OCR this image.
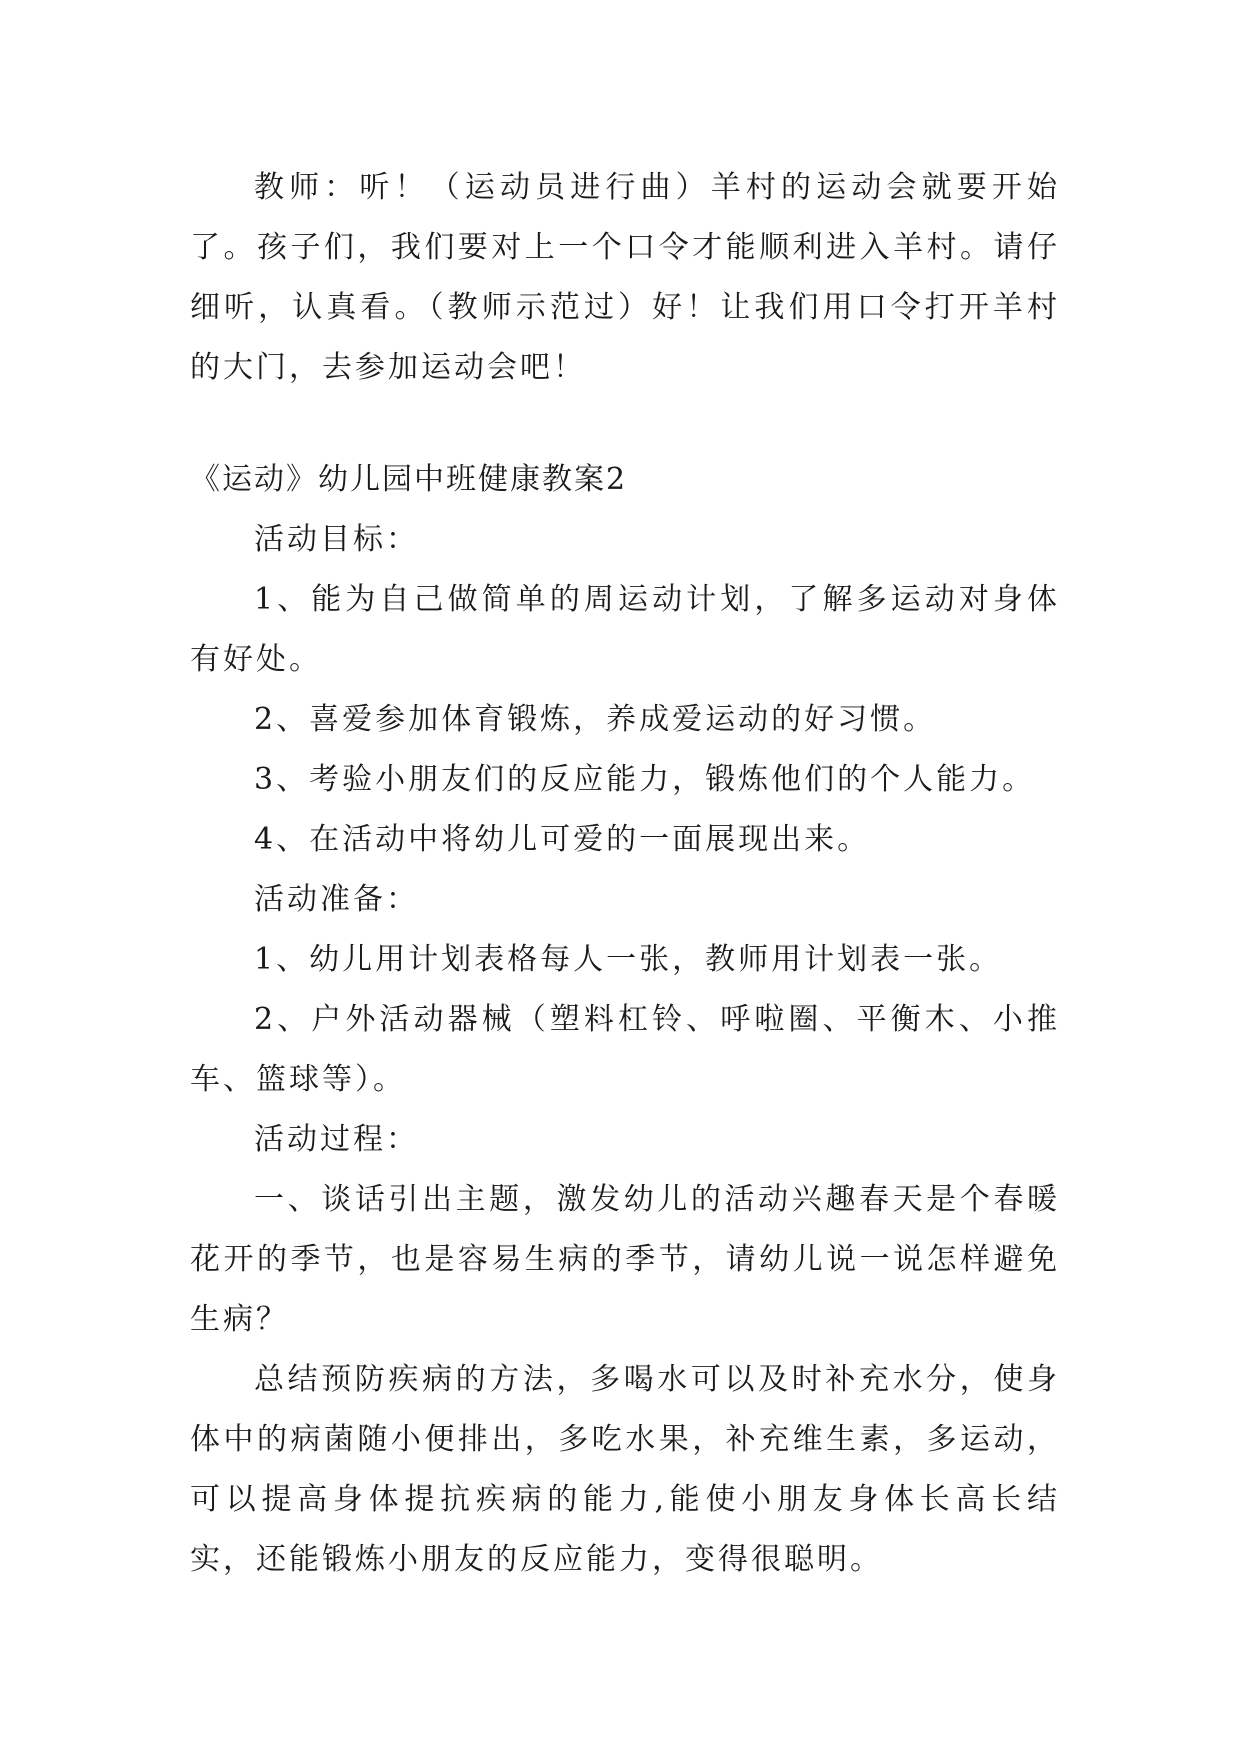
教师：听！（运动员进行曲）羊村的运动会就要开始了。孩子们，我们要对上一个口令才能顺利进入羊村。请仔细听，认真看。（教师示范过）好！让我们用口令打开羊村的大门，去参加运动会吧！

《运动》幼儿园中班健康教案2

活动目标：

1、能为自己做简单的周运动计划，了解多运动对身体有好处。

2、喜爱参加体育锻炼，养成爱运动的好习惯。

3、考验小朋友们的反应能力，锻炼他们的个人能力。

4、在活动中将幼儿可爱的一面展现出来。

活动准备：

1、幼儿用计划表格每人一张，教师用计划表一张。

2、户外活动器械（塑料杠铃、呼啦圈、平衡木、小推车、篮球等）。

活动过程：

一、谈话引出主题，激发幼儿的活动兴趣春天是个春暖花开的季节，也是容易生病的季节，请幼儿说一说怎样避免生病？

总结预防疾病的方法，多喝水可以及时补充水分，使身体中的病菌随小便排出，多吃水果，补充维生素，多运动，可以提高身体提抗疾病的能力,能使小朋友身体长高长结实，还能锻炼小朋友的反应能力，变得很聪明。
